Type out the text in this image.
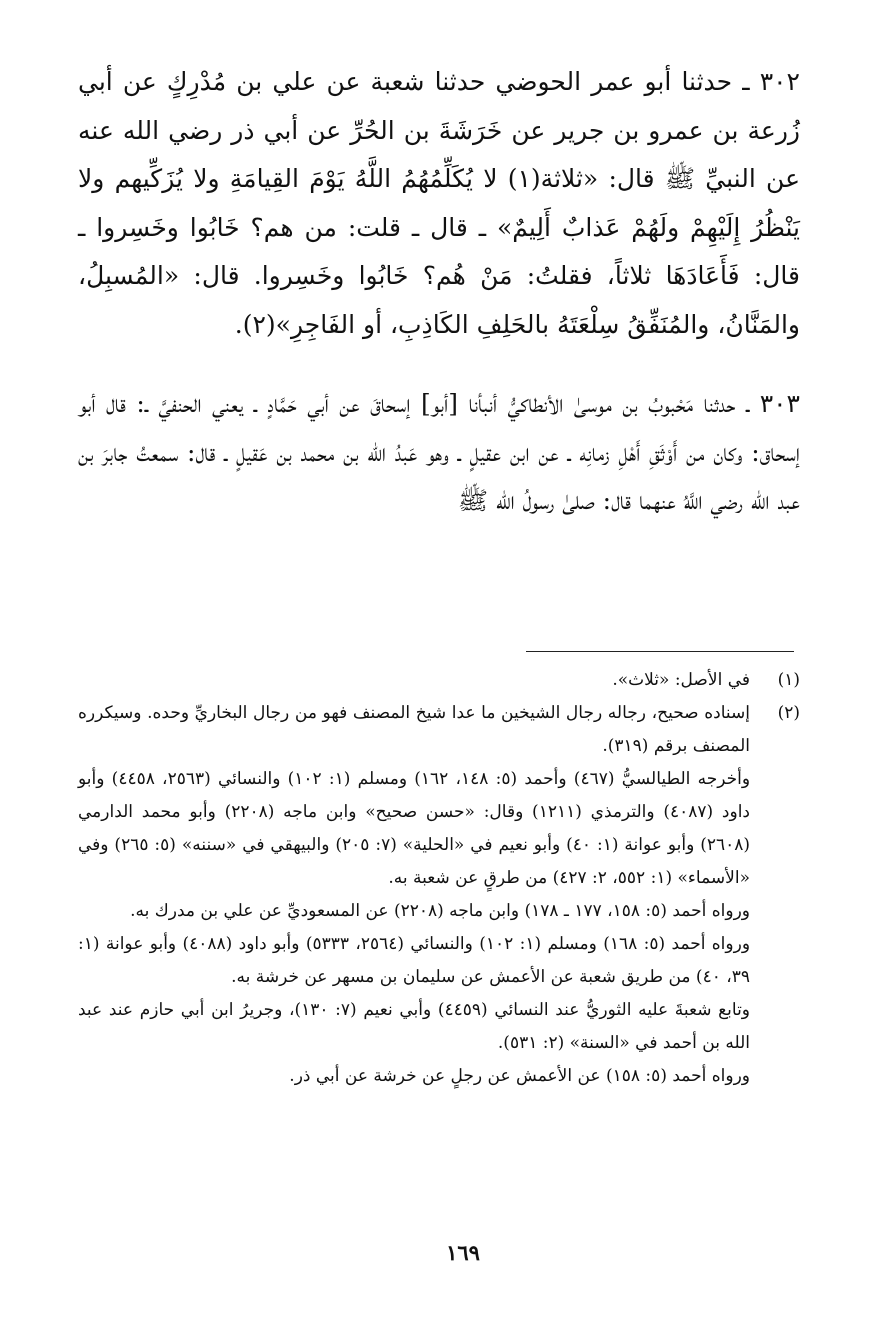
٣٠٢ ـ حدثنا أبو عمر الحوضي حدثنا شعبة عن علي بن مُدْرِكٍ عن أبي زُرعة بن عمرو بن جرير عن خَرَشَةَ بن الحُرِّ عن أبي ذر رضي الله عنه عن النبيِّ ﷺ قال: «ثلاثة(١) لا يُكَلِّمُهُمُ اللَّهُ يَوْمَ القِيامَةِ ولا يُزَكِّيهم ولا يَنْظُرُ إِلَيْهِمْ ولَهُمْ عَذابٌ أَلِيمٌ» ـ قال ـ قلت: من هم؟ خَابُوا وخَسِروا ـ قال: فَأَعَادَهَا ثلاثاً، فقلتُ: مَنْ هُم؟ خَابُوا وخَسِروا. قال: «المُسبِلُ، والمَنَّانُ، والمُنَفِّقُ سِلْعَتَهُ بالحَلِفِ الكَاذِبِ، أو الفَاجِرِ»(٢).

٣٠٣ ـ حدثنا مَحْبوبُ بن موسىٰ الأنطاكيُّ أنبأنا [أبو] إسحاقَ عن أبي حَمَّادٍ ـ يعني الحنفيَّ ـ: قال أبو إسحاق: وكان من أَوْثَقِ أَهْلِ زمانِه ـ عن ابن عقيلٍ ـ وهو عَبدُ الله بن محمد بن عَقيلٍ ـ قال: سمعتُ جابرَ بن عبد الله رضي اللَّهُ عنهما قال: صلىٰ رسولُ الله ﷺ

(١)

في الأصل: «ثلاث».

(٢)

إسناده صحيح، رجاله رجال الشيخين ما عدا شيخ المصنف فهو من رجال البخاريِّ وحده. وسيكرره المصنف برقم (٣١٩).

وأخرجه الطيالسيُّ (٤٦٧) وأحمد (٥: ١٤٨، ١٦٢) ومسلم (١: ١٠٢) والنسائي (٢٥٦٣، ٤٤٥٨) وأبو داود (٤٠٨٧) والترمذي (١٢١١) وقال: «حسن صحيح» وابن ماجه (٢٢٠٨) وأبو محمد الدارمي (٢٦٠٨) وأبو عوانة (١: ٤٠) وأبو نعيم في «الحلية» (٧: ٢٠٥) والبيهقي في «سننه» (٥: ٢٦٥) وفي «الأسماء» (١: ٥٥٢، ٢: ٤٢٧) من طرقٍ عن شعبة به.

ورواه أحمد (٥: ١٥٨، ١٧٧ ـ ١٧٨) وابن ماجه (٢٢٠٨) عن المسعوديِّ عن علي بن مدرك به.

ورواه أحمد (٥: ١٦٨) ومسلم (١: ١٠٢) والنسائي (٢٥٦٤، ٥٣٣٣) وأبو داود (٤٠٨٨) وأبو عوانة (١: ٣٩، ٤٠) من طريق شعبة عن الأعمش عن سليمان بن مسهر عن خرشة به.

وتابع شعبةَ عليه الثوريُّ عند النسائي (٤٤٥٩) وأبي نعيم (٧: ١٣٠)، وجريرُ ابن أبي حازم عند عبد الله بن أحمد في «السنة» (٢: ٥٣١).

ورواه أحمد (٥: ١٥٨) عن الأعمش عن رجلٍ عن خرشة عن أبي ذر.

١٦٩
